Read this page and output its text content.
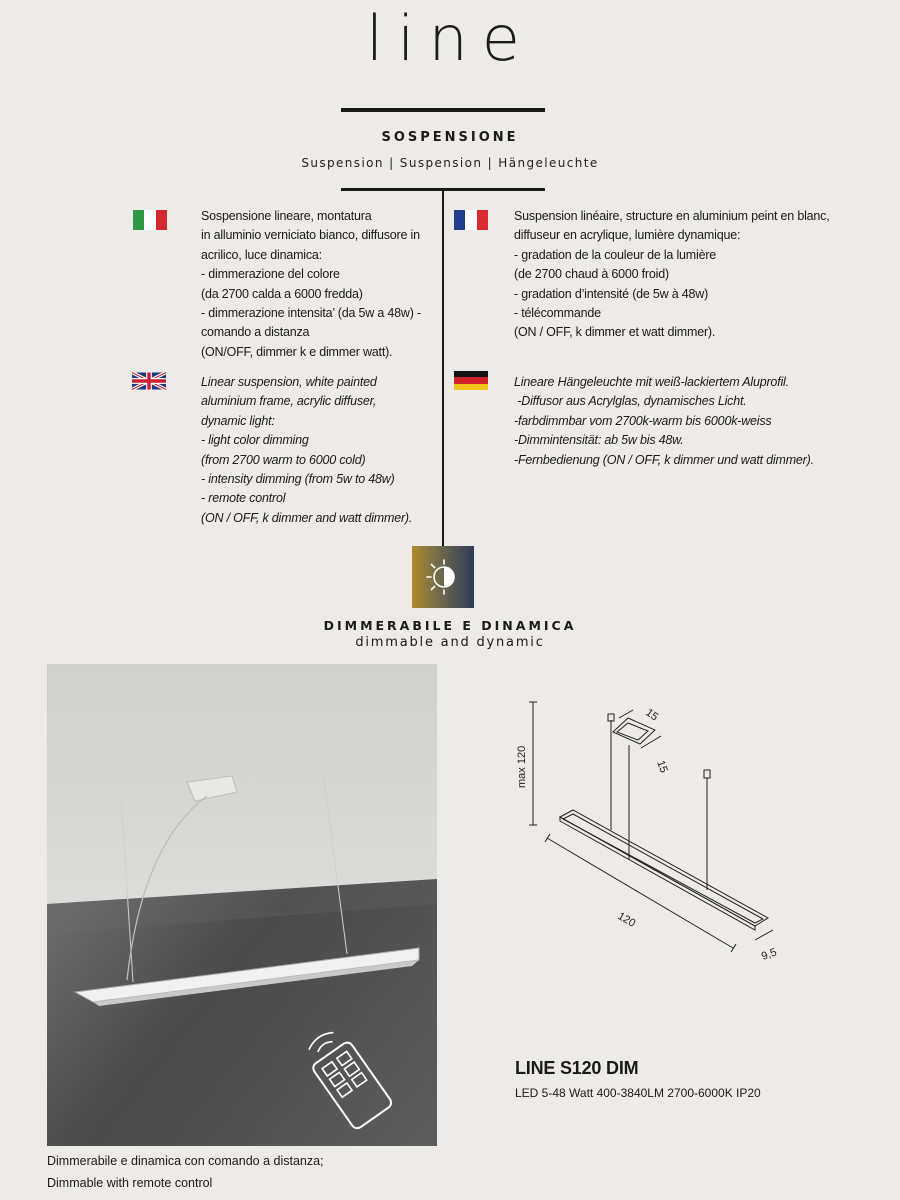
line
SOSPENSIONE
Suspension | Suspension | Hängeleuchte
Sospensione lineare, montatura
in alluminio verniciato bianco, diffusore in
acrilico, luce dinamica:
- dimmerazione del colore
(da 2700 calda a 6000 fredda)
- dimmerazione intensita’ (da 5w a 48w) -
comando a distanza
(ON/OFF, dimmer k e dimmer watt).
Suspension linéaire, structure en aluminium peint en blanc,
diffuseur en acrylique, lumière dynamique:
- gradation de la couleur de la lumière
(de 2700 chaud à 6000 froid)
- gradation d’intensité (de 5w à 48w)
- télécommande
(ON / OFF, k dimmer et watt dimmer).
Linear suspension, white painted
aluminium frame, acrylic diffuser,
dynamic light:
- light color dimming
(from 2700 warm to 6000 cold)
- intensity dimming (from 5w to 48w)
- remote control
(ON / OFF, k dimmer and watt dimmer).
Lineare Hängeleuchte mit weiß-lackiertem Aluprofil.
-Diffusor aus Acrylglas, dynamisches Licht.
-farbdimmbar vom 2700k-warm bis 6000k-weiss
-Dimmintensität: ab 5w bis 48w.
-Fernbedienung (ON / OFF, k dimmer und watt dimmer).
DIMMERABILE E DINAMICA
dimmable and dynamic
Dimmerabile e dinamica con comando a distanza;
Dimmable with remote control
max 120
15
15
120
9,5
LINE S120 DIM
LED 5-48 Watt 400-3840LM 2700-6000K IP20
